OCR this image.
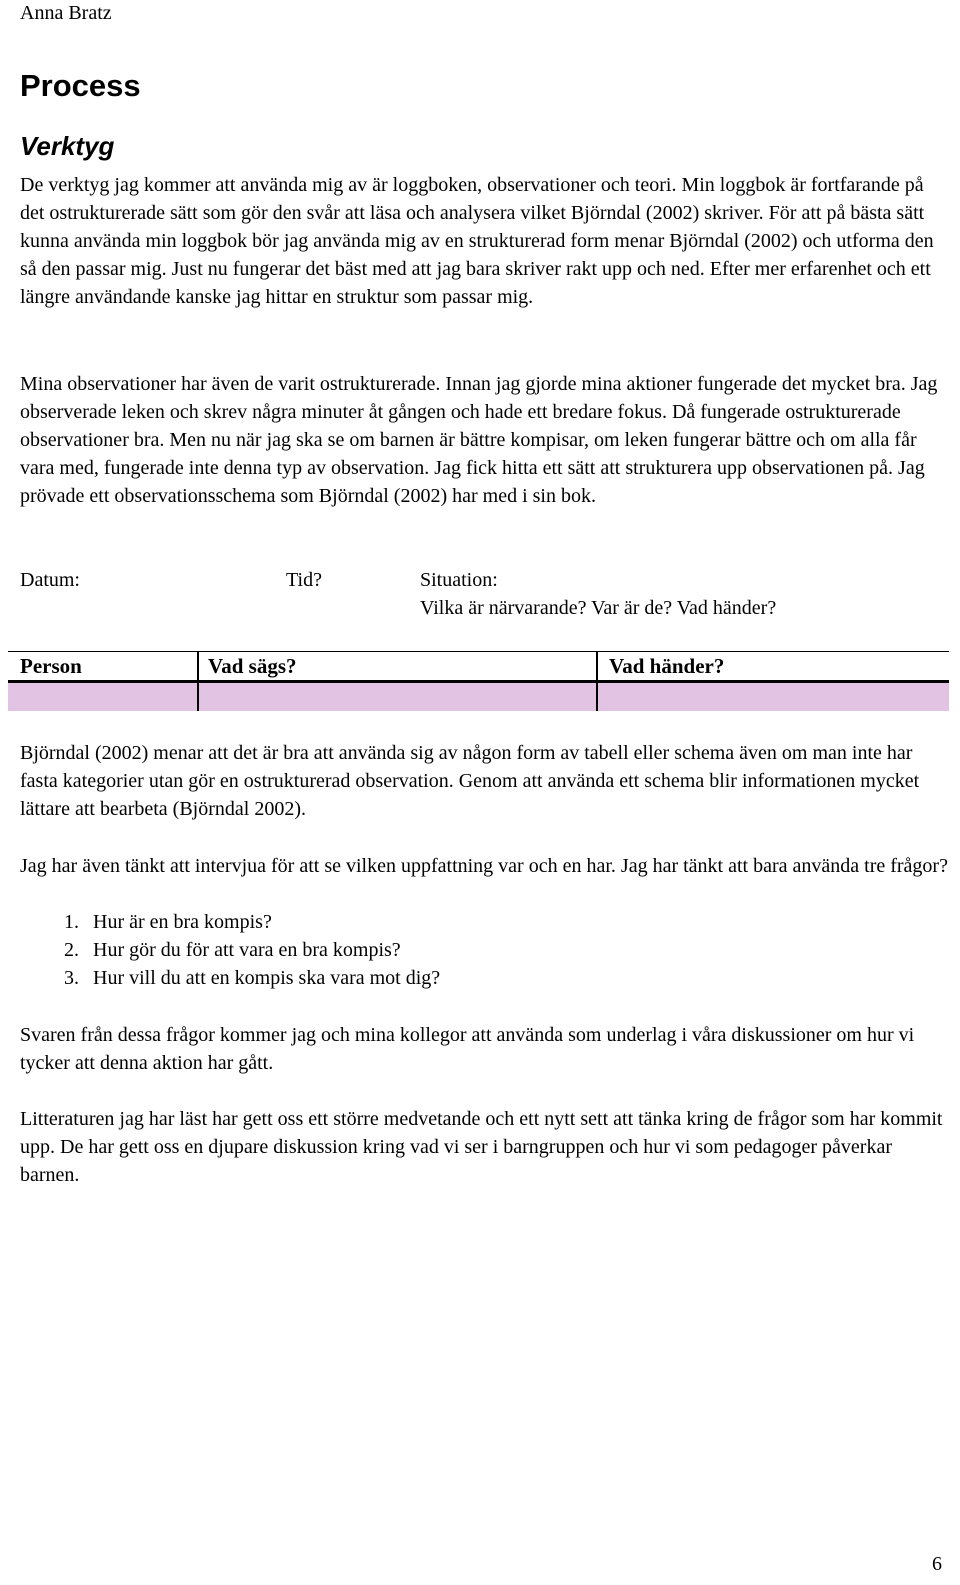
Anna Bratz
Process
Verktyg

De verktyg jag kommer att använda mig av är loggboken, observationer och teori. Min loggbok är fortfarande på det ostrukturerade sätt som gör den svår att läsa och analysera vilket Björndal (2002) skriver. För att på bästa sätt kunna använda min loggbok bör jag använda mig av en strukturerad form menar Björndal (2002) och utforma den så den passar mig. Just nu fungerar det bäst med att jag bara skriver rakt upp och ned. Efter mer erfarenhet och ett längre användande kanske jag hittar en struktur som passar mig.

Mina observationer har även de varit ostrukturerade. Innan jag gjorde mina aktioner fungerade det mycket bra. Jag observerade leken och skrev några minuter åt gången och hade ett bredare fokus. Då fungerade ostrukturerade observationer bra. Men nu när jag ska se om barnen är bättre kompisar, om leken fungerar bättre och om alla får vara med, fungerade inte denna typ av observation. Jag fick hitta ett sätt att strukturera upp observationen på. Jag prövade ett observationsschema som Björndal (2002) har med i sin bok.

Datum:	Tid?	Situation:
Vilka är närvarande? Var är de? Vad händer?
Person	Vad sägs?	Vad händer?

Björndal (2002) menar att det är bra att använda sig av någon form av tabell eller schema även om man inte har fasta kategorier utan gör en ostrukturerad observation. Genom att använda ett schema blir informationen mycket lättare att bearbeta (Björndal 2002).

Jag har även tänkt att intervjua för att se vilken uppfattning var och en har. Jag har tänkt att bara använda tre frågor?

1. Hur är en bra kompis?
2. Hur gör du för att vara en bra kompis?
3. Hur vill du att en kompis ska vara mot dig?

Svaren från dessa frågor kommer jag och mina kollegor att använda som underlag i våra diskussioner om hur vi tycker att denna aktion har gått.

Litteraturen jag har läst har gett oss ett större medvetande och ett nytt sett att tänka kring de frågor som har kommit upp. De har gett oss en djupare diskussion kring vad vi ser i barngruppen och hur vi som pedagoger påverkar barnen.

6
